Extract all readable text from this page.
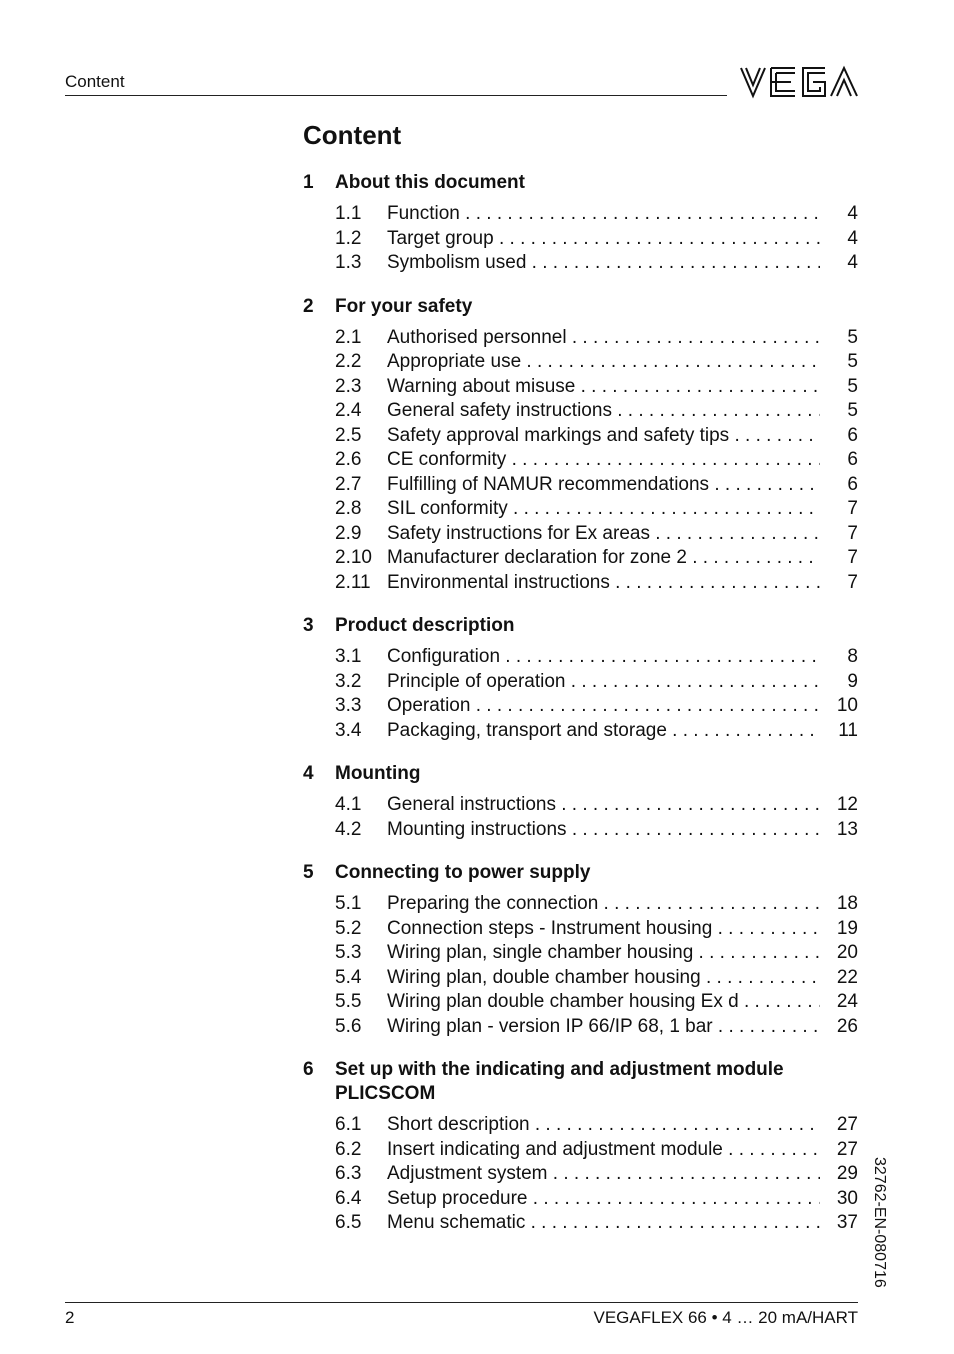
Content
Content
1	About this document
1.1	Function . . .	4
1.2	Target group . . .	4
1.3	Symbolism used . . .	4
2	For your safety
2.1	Authorised personnel . . .	5
2.2	Appropriate use . . .	5
2.3	Warning about misuse . . .	5
2.4	General safety instructions . . .	5
2.5	Safety approval markings and safety tips . . .	6
2.6	CE conformity . . .	6
2.7	Fulfilling of NAMUR recommendations . . .	6
2.8	SIL conformity . . .	7
2.9	Safety instructions for Ex areas . . .	7
2.10 Manufacturer declaration for zone 2 . . .	7
2.11 Environmental instructions . . .	7
3	Product description
3.1	Configuration . . .	8
3.2	Principle of operation . . .	9
3.3	Operation . . .	10
3.4	Packaging, transport and storage . . .	11
4	Mounting
4.1	General instructions . . .	12
4.2	Mounting instructions . . .	13
5	Connecting to power supply
5.1	Preparing the connection . . .	18
5.2	Connection steps - Instrument housing . . .	19
5.3	Wiring plan, single chamber housing . . .	20
5.4	Wiring plan, double chamber housing . . .	22
5.5	Wiring plan double chamber housing Ex d . . .	24
5.6	Wiring plan - version IP 66/IP 68, 1 bar . . .	26
6	Set up with the indicating and adjustment module PLICSCOM
6.1	Short description . . .	27
6.2	Insert indicating and adjustment module . . .	27
6.3	Adjustment system . . .	29
6.4	Setup procedure . . .	30
6.5	Menu schematic . . .	37 32762-EN-080716
2	VEGAFLEX 66 • 4 … 20 mA/HART
